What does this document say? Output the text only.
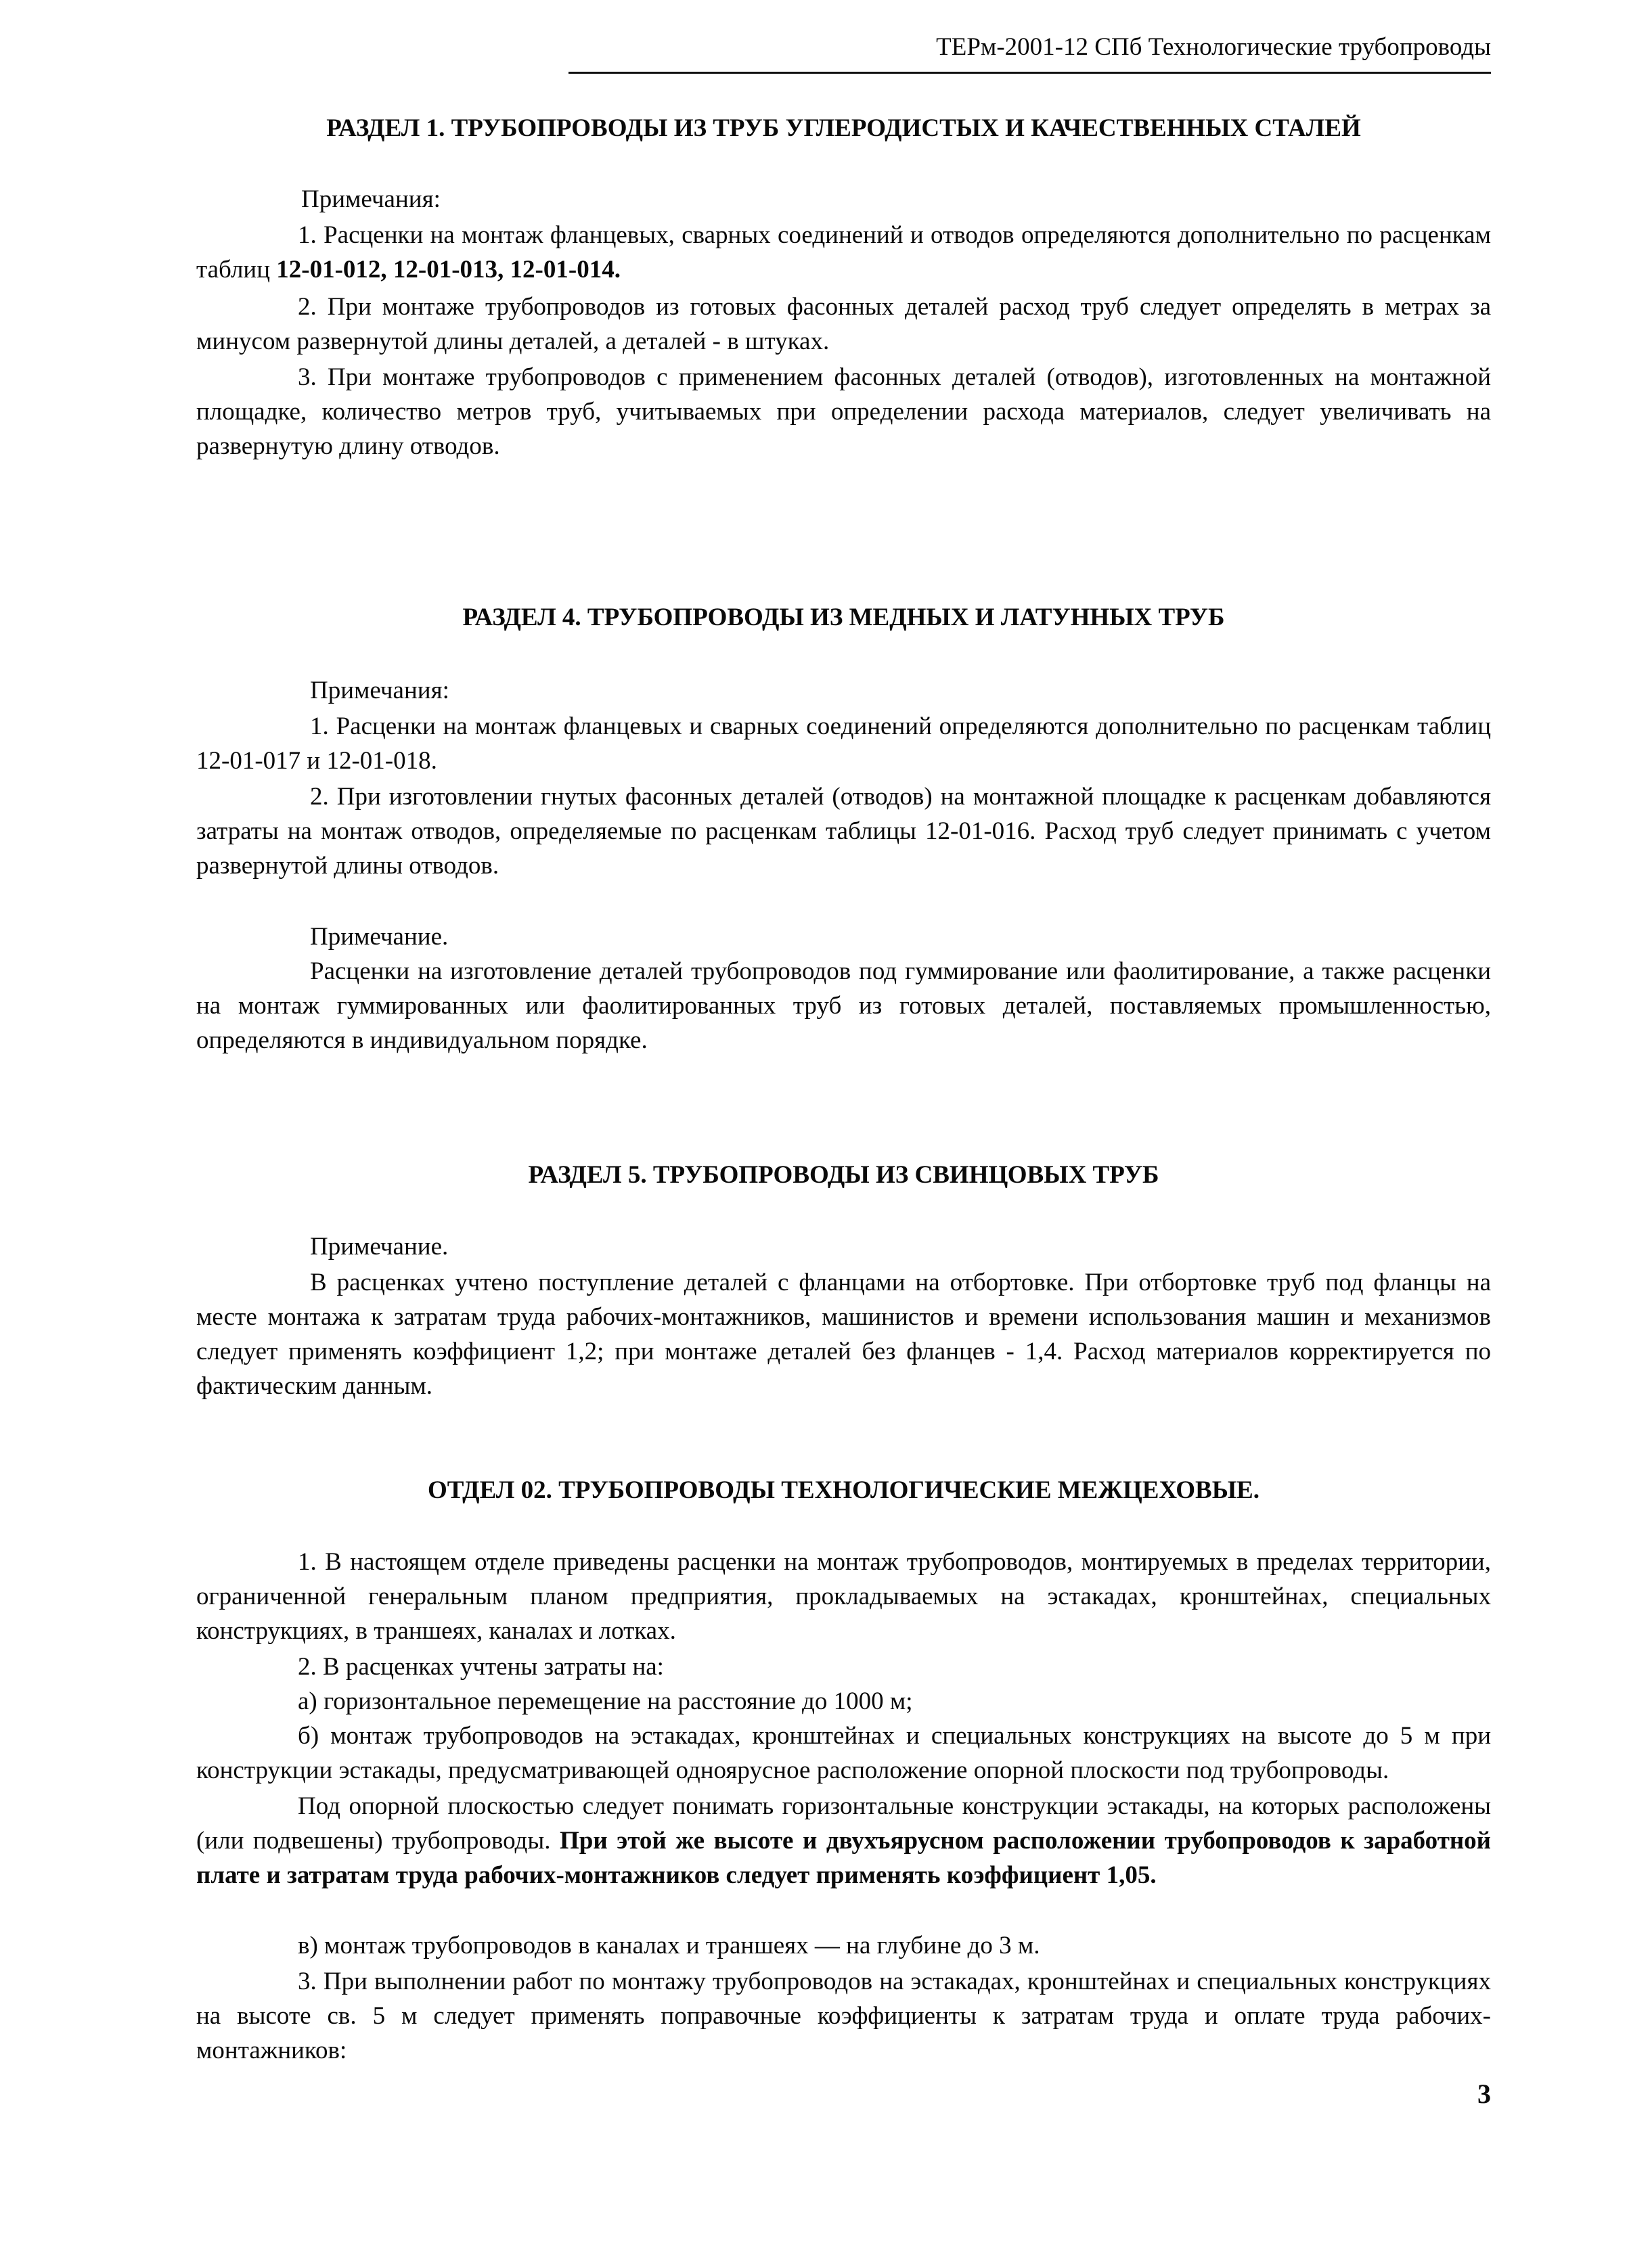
ТЕРм-2001-12 СПб Технологические трубопроводы
РАЗДЕЛ 1. ТРУБОПРОВОДЫ ИЗ ТРУБ УГЛЕРОДИСТЫХ И КАЧЕСТВЕННЫХ СТАЛЕЙ

Примечания:

1. Расценки на монтаж фланцевых, сварных соединений и отводов определяются дополнительно по расценкам таблиц 12-01-012, 12-01-013, 12-01-014.

2. При монтаже трубопроводов из готовых фасонных деталей расход труб следует определять в метрах за минусом развернутой длины деталей, а деталей - в штуках.

3. При монтаже трубопроводов с применением фасонных деталей (отводов), изготовленных на монтажной площадке, количество метров труб, учитываемых при определении расхода материалов, следует увеличивать на развернутую длину отводов.

РАЗДЕЛ 4. ТРУБОПРОВОДЫ ИЗ МЕДНЫХ И ЛАТУННЫХ ТРУБ

Примечания:

1. Расценки на монтаж фланцевых и сварных соединений определяются дополнительно по расценкам таблиц 12-01-017 и 12-01-018.

2. При изготовлении гнутых фасонных деталей (отводов) на монтажной площадке к расценкам добавляются затраты на монтаж отводов, определяемые по расценкам таблицы 12-01-016. Расход труб следует принимать с учетом развернутой длины отводов.

Примечание.

Расценки на изготовление деталей трубопроводов под гуммирование или фаолитирование, а также расценки на монтаж гуммированных или фаолитированных труб из готовых деталей, поставляемых промышленностью, определяются в индивидуальном порядке.

РАЗДЕЛ 5. ТРУБОПРОВОДЫ ИЗ СВИНЦОВЫХ ТРУБ

Примечание.

В расценках учтено поступление деталей с фланцами на отбортовке. При отбортовке труб под фланцы на месте монтажа к затратам труда рабочих-монтажников, машинистов и времени использования машин и механизмов следует применять коэффициент 1,2; при монтаже деталей без фланцев - 1,4. Расход материалов корректируется по фактическим данным.

ОТДЕЛ 02. ТРУБОПРОВОДЫ ТЕХНОЛОГИЧЕСКИЕ МЕЖЦЕХОВЫЕ.

1. В настоящем отделе приведены расценки на монтаж трубопроводов, монтируемых в пределах территории, ограниченной генеральным планом предприятия, прокладываемых на эстакадах, кронштейнах, специальных конструкциях, в траншеях, каналах и лотках.

2. В расценках учтены затраты на:

а) горизонтальное перемещение на расстояние до 1000 м;

б) монтаж трубопроводов на эстакадах, кронштейнах и специальных конструкциях на высоте до 5 м при конструкции эстакады, предусматривающей одноярусное расположение опорной плоскости под трубопроводы.

Под опорной плоскостью следует понимать горизонтальные конструкции эстакады, на которых расположены (или подвешены) трубопроводы. При этой же высоте и двухъярусном расположении трубопроводов к заработной плате и затратам труда рабочих-монтажников следует применять коэффициент 1,05.

в) монтаж трубопроводов в каналах и траншеях — на глубине до 3 м.

3. При выполнении работ по монтажу трубопроводов на эстакадах, кронштейнах и специальных конструкциях на высоте св. 5 м следует применять поправочные коэффициенты к затратам труда и оплате труда рабочих-монтажников:

3
